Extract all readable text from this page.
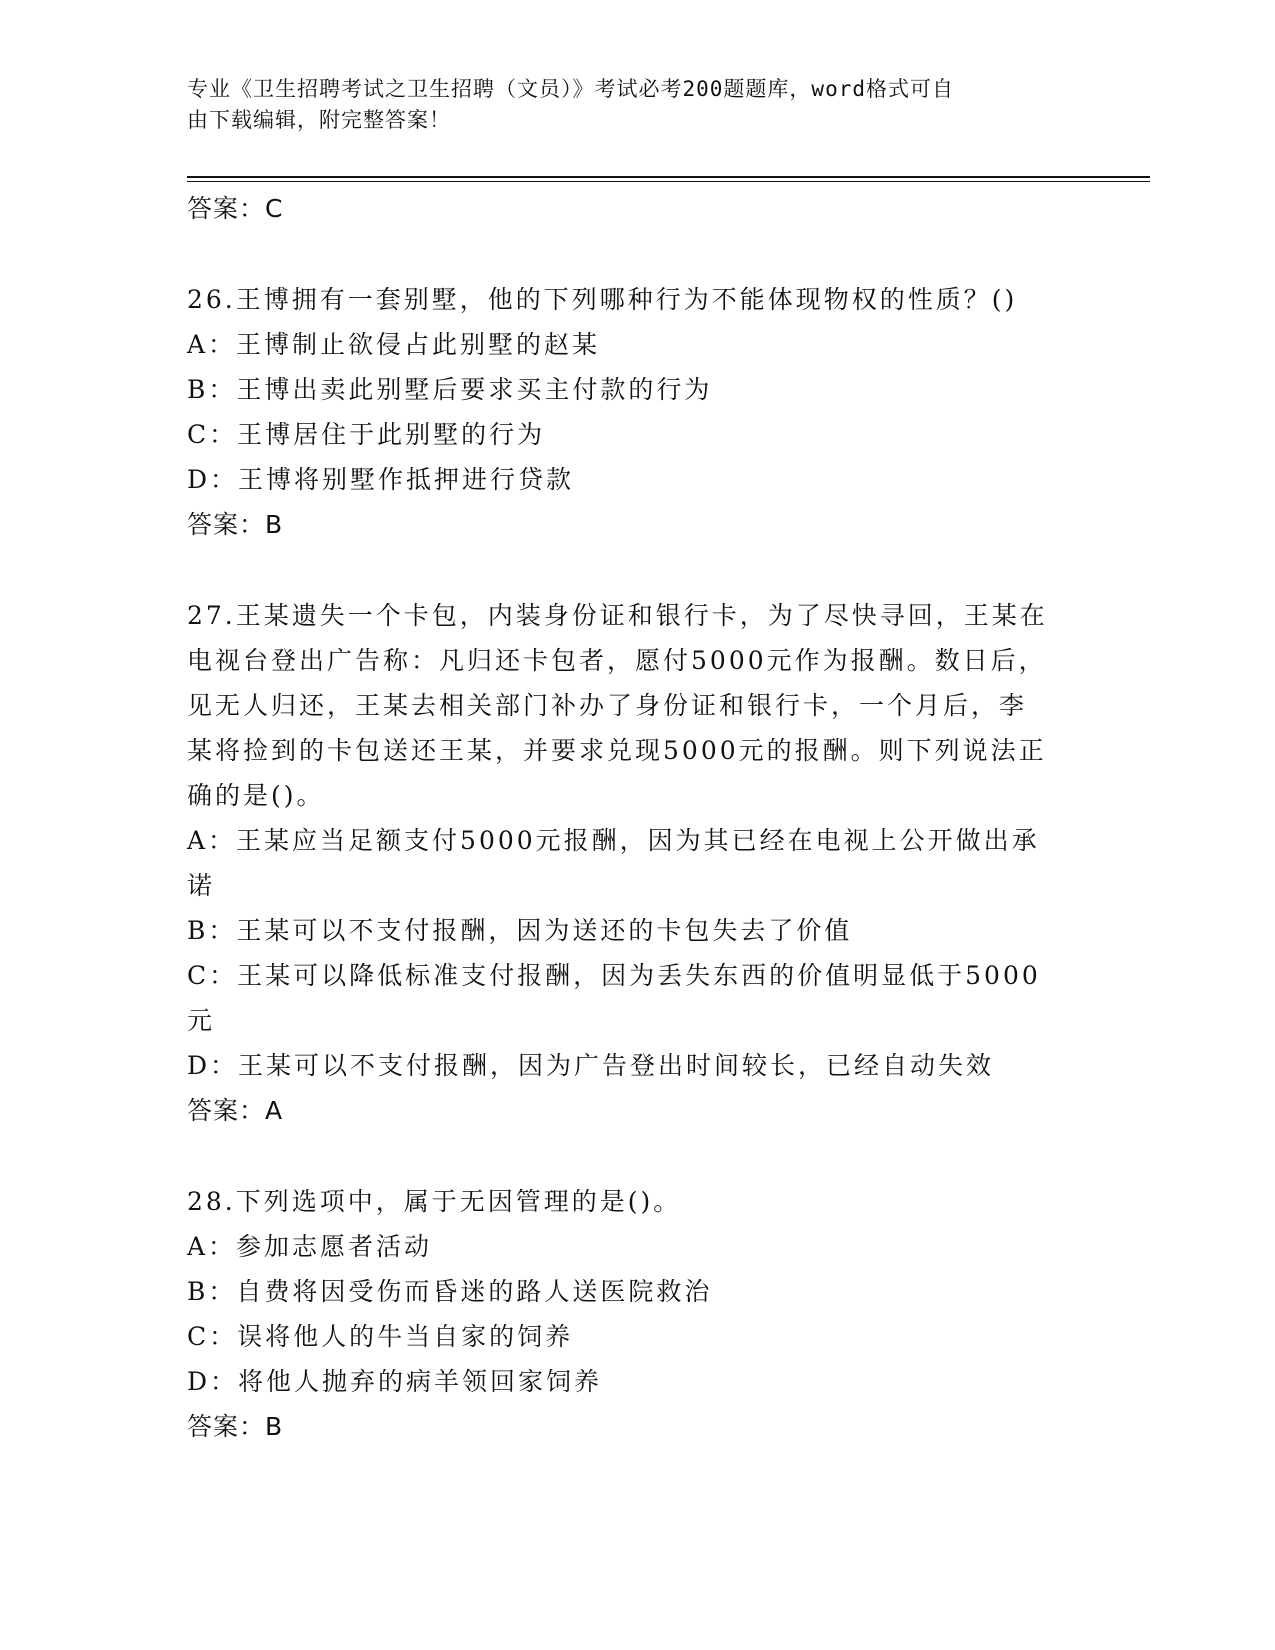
专业《卫生招聘考试之卫生招聘（文员）》考试必考200题题库，word格式可自
由下载编辑，附完整答案！
答案：C
26.王博拥有一套别墅，他的下列哪种行为不能体现物权的性质？()
A：王博制止欲侵占此别墅的赵某
B：王博出卖此别墅后要求买主付款的行为
C：王博居住于此别墅的行为
D：王博将别墅作抵押进行贷款
答案：B
27.王某遗失一个卡包，内装身份证和银行卡，为了尽快寻回，王某在
电视台登出广告称：凡归还卡包者，愿付5000元作为报酬。数日后，
见无人归还，王某去相关部门补办了身份证和银行卡，一个月后，李
某将捡到的卡包送还王某，并要求兑现5000元的报酬。则下列说法正
确的是()。
A：王某应当足额支付5000元报酬，因为其已经在电视上公开做出承
诺
B：王某可以不支付报酬，因为送还的卡包失去了价值
C：王某可以降低标准支付报酬，因为丢失东西的价值明显低于5000
元
D：王某可以不支付报酬，因为广告登出时间较长，已经自动失效
答案：A
28.下列选项中，属于无因管理的是()。
A：参加志愿者活动
B：自费将因受伤而昏迷的路人送医院救治
C：误将他人的牛当自家的饲养
D：将他人抛弃的病羊领回家饲养
答案：B
